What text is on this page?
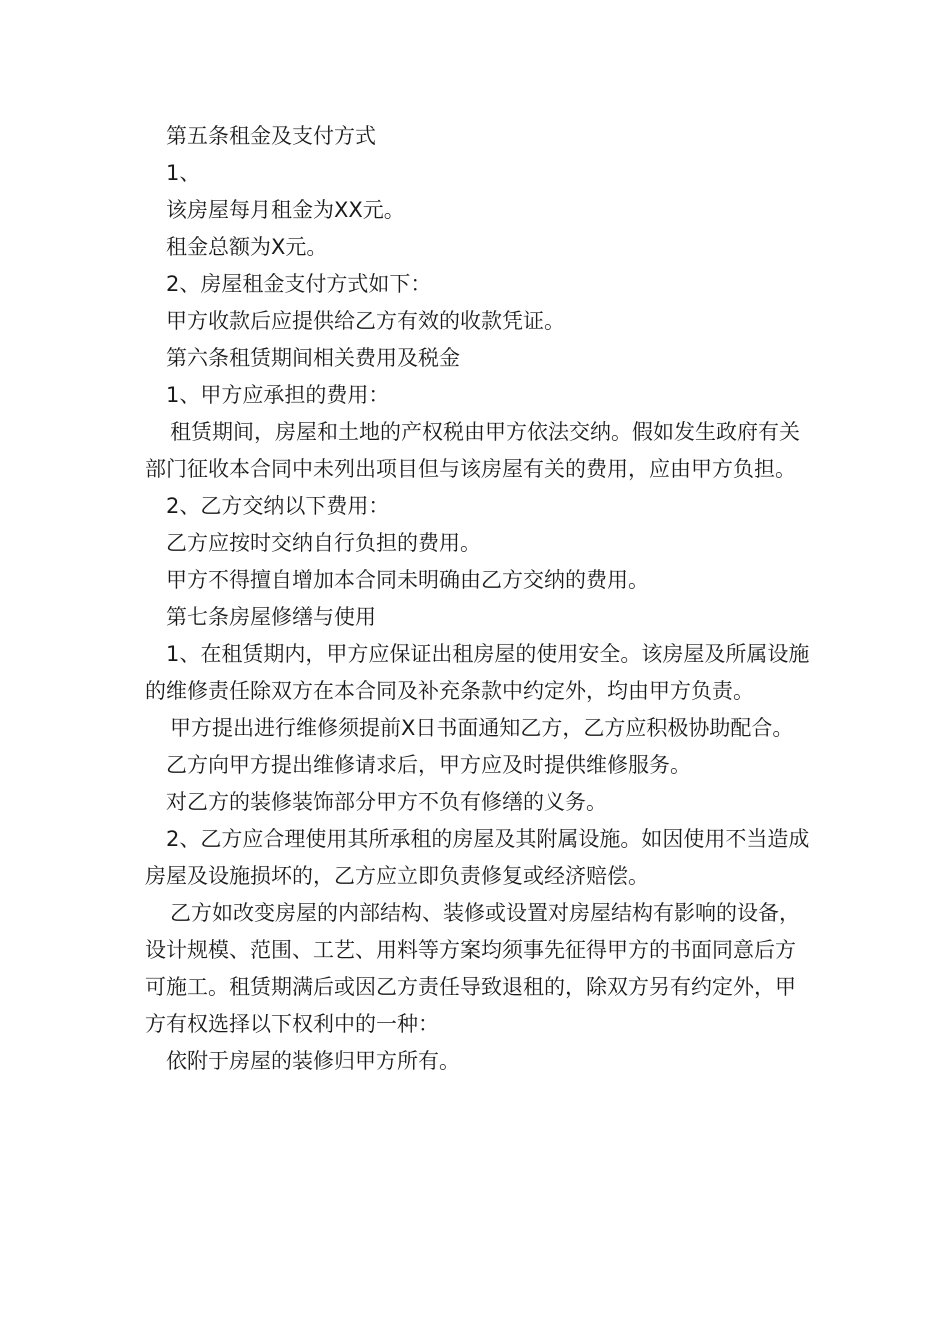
第五条租金及支付方式

1、

该房屋每月租金为XX元。

租金总额为X元。

2、房屋租金支付方式如下：

甲方收款后应提供给乙方有效的收款凭证。

第六条租赁期间相关费用及税金

1、甲方应承担的费用：

租赁期间，房屋和土地的产权税由甲方依法交纳。假如发生政府有关部门征收本合同中未列出项目但与该房屋有关的费用，应由甲方负担。

2、乙方交纳以下费用：

乙方应按时交纳自行负担的费用。

甲方不得擅自增加本合同未明确由乙方交纳的费用。

第七条房屋修缮与使用

1、在租赁期内，甲方应保证出租房屋的使用安全。该房屋及所属设施的维修责任除双方在本合同及补充条款中约定外，均由甲方负责。

甲方提出进行维修须提前X日书面通知乙方，乙方应积极协助配合。

乙方向甲方提出维修请求后，甲方应及时提供维修服务。

对乙方的装修装饰部分甲方不负有修缮的义务。

2、乙方应合理使用其所承租的房屋及其附属设施。如因使用不当造成房屋及设施损坏的，乙方应立即负责修复或经济赔偿。

乙方如改变房屋的内部结构、装修或设置对房屋结构有影响的设备，设计规模、范围、工艺、用料等方案均须事先征得甲方的书面同意后方可施工。租赁期满后或因乙方责任导致退租的，除双方另有约定外，甲方有权选择以下权利中的一种：

依附于房屋的装修归甲方所有。
